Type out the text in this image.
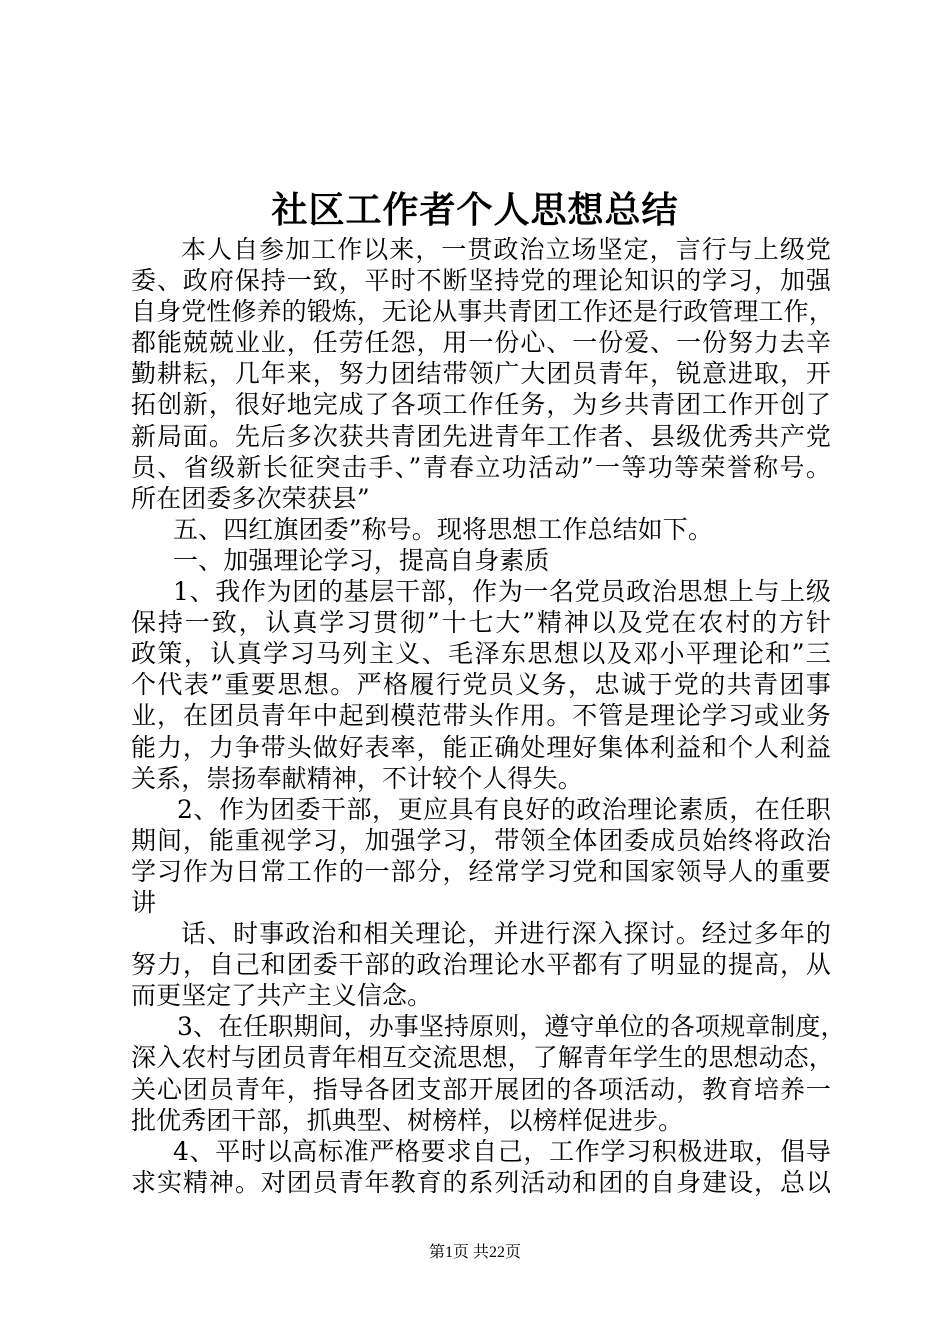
社区工作者个人思想总结
本人自参加工作以来，一贯政治立场坚定，言行与上级党
委、政府保持一致，平时不断坚持党的理论知识的学习，加强
自身党性修养的锻炼，无论从事共青团工作还是行政管理工作，
都能兢兢业业，任劳任怨，用一份心、一份爱、一份努力去辛
勤耕耘，几年来，努力团结带领广大团员青年，锐意进取，开
拓创新，很好地完成了各项工作任务，为乡共青团工作开创了
新局面。先后多次获共青团先进青年工作者、县级优秀共产党
员、省级新长征突击手、”青春立功活动”一等功等荣誉称号。
所在团委多次荣获县”
五、四红旗团委”称号。现将思想工作总结如下。
一、加强理论学习，提高自身素质
1、我作为团的基层干部，作为一名党员政治思想上与上级
保持一致，认真学习贯彻”十七大”精神以及党在农村的方针
政策，认真学习马列主义、毛泽东思想以及邓小平理论和”三
个代表”重要思想。严格履行党员义务，忠诚于党的共青团事
业，在团员青年中起到模范带头作用。不管是理论学习或业务
能力，力争带头做好表率，能正确处理好集体利益和个人利益
关系，崇扬奉献精神，不计较个人得失。
2、作为团委干部，更应具有良好的政治理论素质，在任职
期间，能重视学习，加强学习，带领全体团委成员始终将政治
学习作为日常工作的一部分，经常学习党和国家领导人的重要
讲
话、时事政治和相关理论，并进行深入探讨。经过多年的
努力，自己和团委干部的政治理论水平都有了明显的提高，从
而更坚定了共产主义信念。
3、在任职期间，办事坚持原则，遵守单位的各项规章制度，
深入农村与团员青年相互交流思想，了解青年学生的思想动态，
关心团员青年，指导各团支部开展团的各项活动，教育培养一
批优秀团干部，抓典型、树榜样，以榜样促进步。
4、平时以高标准严格要求自己，工作学习积极进取，倡导
求实精神。对团员青年教育的系列活动和团的自身建设，总以
第1页 共22页
